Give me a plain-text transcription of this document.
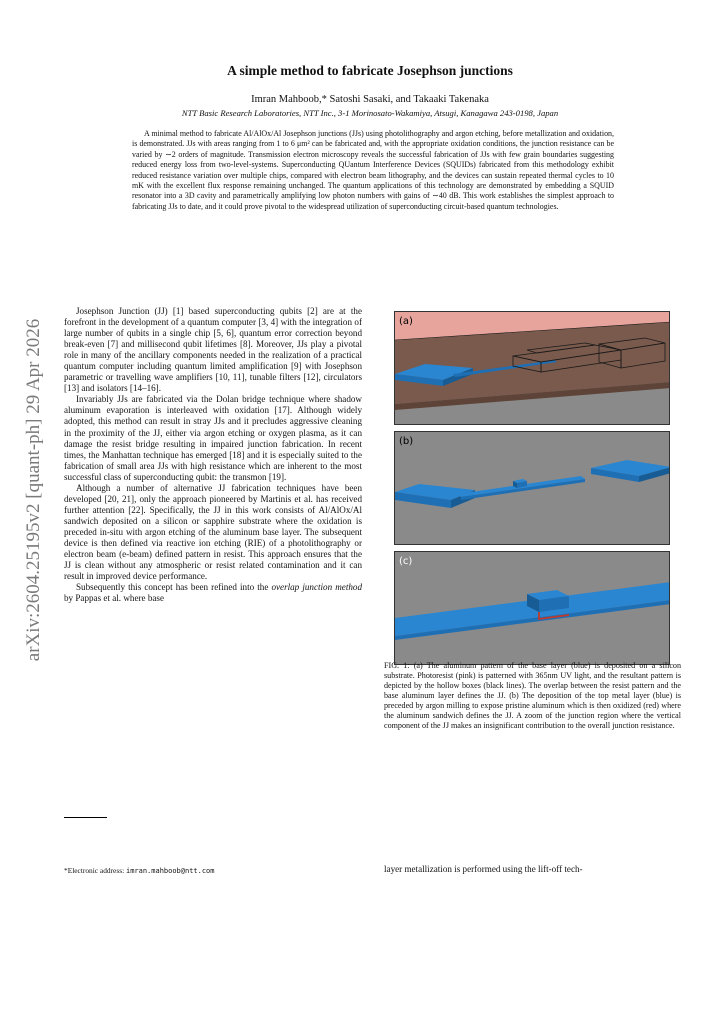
arXiv:2604.25195v2 [quant-ph] 29 Apr 2026
A simple method to fabricate Josephson junctions
Imran Mahboob,* Satoshi Sasaki, and Takaaki Takenaka
NTT Basic Research Laboratories, NTT Inc., 3-1 Morinosato-Wakamiya, Atsugi, Kanagawa 243-0198, Japan
A minimal method to fabricate Al/AlOx/Al Josephson junctions (JJs) using photolithography and argon etching, before metallization and oxidation, is demonstrated. JJs with areas ranging from 1 to 6 μm² can be fabricated and, with the appropriate oxidation conditions, the junction resistance can be varied by ∼2 orders of magnitude. Transmission electron microscopy reveals the successful fabrication of JJs with few grain boundaries suggesting reduced energy loss from two-level-systems. Superconducting QUantum Interference Devices (SQUIDs) fabricated from this methodology exhibit reduced resistance variation over multiple chips, compared with electron beam lithography, and the devices can sustain repeated thermal cycles to 10 mK with the excellent flux response remaining unchanged. The quantum applications of this technology are demonstrated by embedding a SQUID resonator into a 3D cavity and parametrically amplifying low photon numbers with gains of ∼40 dB. This work establishes the simplest approach to fabricating JJs to date, and it could prove pivotal to the widespread utilization of superconducting circuit-based quantum technologies.

Josephson Junction (JJ) [1] based superconducting qubits [2] are at the forefront in the development of a quantum computer [3, 4] with the integration of large number of qubits in a single chip [5, 6], quantum error correction beyond break-even [7] and millisecond qubit lifetimes [8]. Moreover, JJs play a pivotal role in many of the ancillary components needed in the realization of a practical quantum computer including quantum limited amplification [9] with Josephson parametric or travelling wave amplifiers [10, 11], tunable filters [12], circulators [13] and isolators [14–16].

Invariably JJs are fabricated via the Dolan bridge technique where shadow aluminum evaporation is interleaved with oxidation [17]. Although widely adopted, this method can result in stray JJs and it precludes aggressive cleaning in the proximity of the JJ, either via argon etching or oxygen plasma, as it can damage the resist bridge resulting in impaired junction fabrication. In recent times, the Manhattan technique has emerged [18] and it is especially suited to the fabrication of small area JJs with high resistance which are inherent to the most successful class of superconducting qubit: the transmon [19].

Although a number of alternative JJ fabrication techniques have been developed [20, 21], only the approach pioneered by Martinis et al. has received further attention [22]. Specifically, the JJ in this work consists of Al/AlOx/Al sandwich deposited on a silicon or sapphire substrate where the oxidation is preceded in-situ with argon etching of the aluminum base layer. The subsequent device is then defined via reactive ion etching (RIE) of a photolithography or electron beam (e-beam) defined pattern in resist. This approach ensures that the JJ is clean without any atmospheric or resist related contamination and it can result in improved device performance.

Subsequently this concept has been refined into the overlap junction method by Pappas et al. where base

(a)
(b)
(c)
FIG. 1: (a) The aluminum pattern of the base layer (blue) is deposited on a silicon substrate. Photoresist (pink) is patterned with 365nm UV light, and the resultant pattern is depicted by the hollow boxes (black lines). The overlap between the resist pattern and the base aluminum layer defines the JJ. (b) The deposition of the top metal layer (blue) is preceded by argon milling to expose pristine aluminum which is then oxidized (red) where the aluminum sandwich defines the JJ. A zoom of the junction region where the vertical component of the JJ makes an insignificant contribution to the overall junction resistance.
*Electronic address: imran.mahboob@ntt.com	layer metallization is performed using the lift-off tech-
